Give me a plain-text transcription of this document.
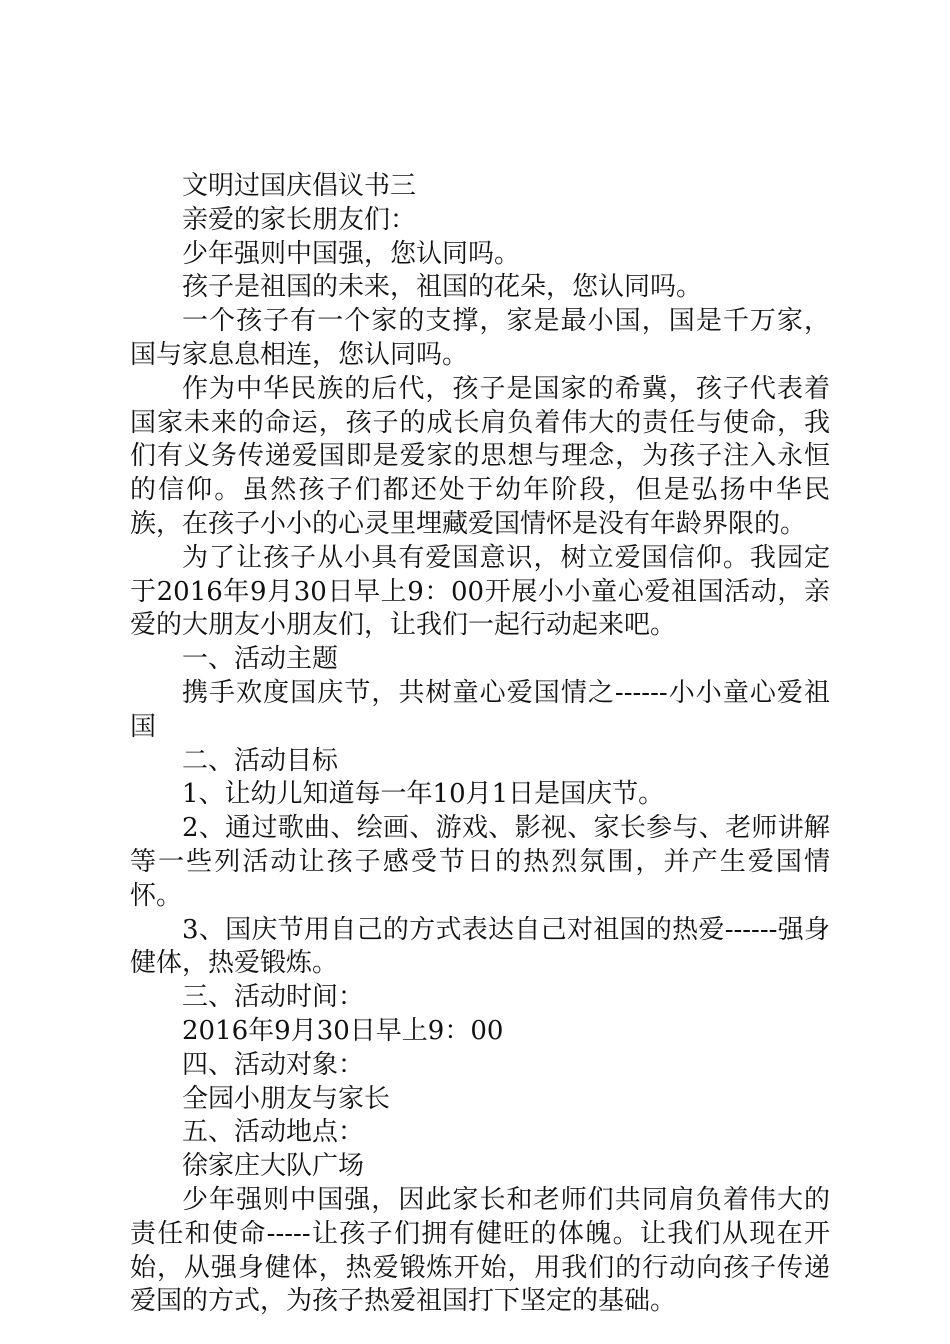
文明过国庆倡议书三

亲爱的家长朋友们：

少年强则中国强，您认同吗。

孩子是祖国的未来，祖国的花朵，您认同吗。

一个孩子有一个家的支撑，家是最小国，国是千万家，国与家息息相连，您认同吗。

作为中华民族的后代，孩子是国家的希冀，孩子代表着国家未来的命运，孩子的成长肩负着伟大的责任与使命，我们有义务传递爱国即是爱家的思想与理念，为孩子注入永恒的信仰。虽然孩子们都还处于幼年阶段，但是弘扬中华民族，在孩子小小的心灵里埋藏爱国情怀是没有年龄界限的。

为了让孩子从小具有爱国意识，树立爱国信仰。我园定于2016年9月30日早上9：00开展小小童心爱祖国活动，亲爱的大朋友小朋友们，让我们一起行动起来吧。

一、活动主题

携手欢度国庆节，共树童心爱国情之------小小童心爱祖国

二、活动目标

1、让幼儿知道每一年10月1日是国庆节。

2、通过歌曲、绘画、游戏、影视、家长参与、老师讲解等一些列活动让孩子感受节日的热烈氛围，并产生爱国情怀。

3、国庆节用自己的方式表达自己对祖国的热爱------强身健体，热爱锻炼。

三、活动时间：

2016年9月30日早上9：00

四、活动对象：

全园小朋友与家长

五、活动地点：

徐家庄大队广场

少年强则中国强，因此家长和老师们共同肩负着伟大的责任和使命-----让孩子们拥有健旺的体魄。让我们从现在开始，从强身健体，热爱锻炼开始，用我们的行动向孩子传递爱国的方式，为孩子热爱祖国打下坚定的基础。
